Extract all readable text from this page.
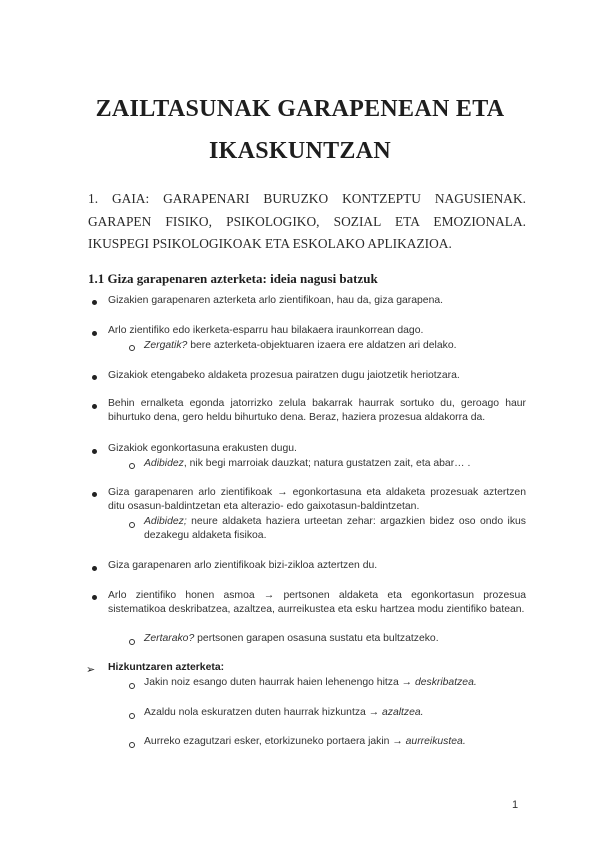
ZAILTASUNAK GARAPENEAN ETA
IKASKUNTZAN

1. GAIA: GARAPENARI BURUZKO KONTZEPTU NAGUSIENAK. GARAPEN FISIKO, PSIKOLOGIKO, SOZIAL ETA EMOZIONALA. IKUSPEGI PSIKOLOGIKOAK ETA ESKOLAKO APLIKAZIOA.

1.1 Giza garapenaren azterketa: ideia nagusi batzuk

Gizakien garapenaren azterketa arlo zientifikoan, hau da, giza garapena.

Arlo zientifiko edo ikerketa-esparru hau bilakaera iraunkorrean dago.

Zergatik? bere azterketa-objektuaren izaera ere aldatzen ari delako.

Gizakiok etengabeko aldaketa prozesua pairatzen dugu jaiotzetik heriotzara.

Behin ernalketa egonda jatorrizko zelula bakarrak haurrak sortuko du, geroago haur bihurtuko dena, gero heldu bihurtuko dena. Beraz, haziera prozesua aldakorra da.

Gizakiok egonkortasuna erakusten dugu.

Adibidez, nik begi marroiak dauzkat; natura gustatzen zait, eta abar… .

Giza garapenaren arlo zientifikoak → egonkortasuna eta aldaketa prozesuak aztertzen ditu osasun-baldintzetan eta alterazio- edo gaixotasun-baldintzetan.

Adibidez; neure aldaketa haziera urteetan zehar: argazkien bidez oso ondo ikus dezakegu aldaketa fisikoa.

Giza garapenaren arlo zientifikoak bizi-zikloa aztertzen du.

Arlo zientifiko honen asmoa → pertsonen aldaketa eta egonkortasun prozesua sistematikoa deskribatzea, azaltzea, aurreikustea eta esku hartzea modu zientifiko batean.

Zertarako? pertsonen garapen osasuna sustatu eta bultzatzeko.

➢ Hizkuntzaren azterketa:

Jakin noiz esango duten haurrak haien lehenengo hitza → deskribatzea.

Azaldu nola eskuratzen duten haurrak hizkuntza → azaltzea.

Aurreko ezagutzari esker, etorkizuneko portaera jakin → aurreikustea.

1
